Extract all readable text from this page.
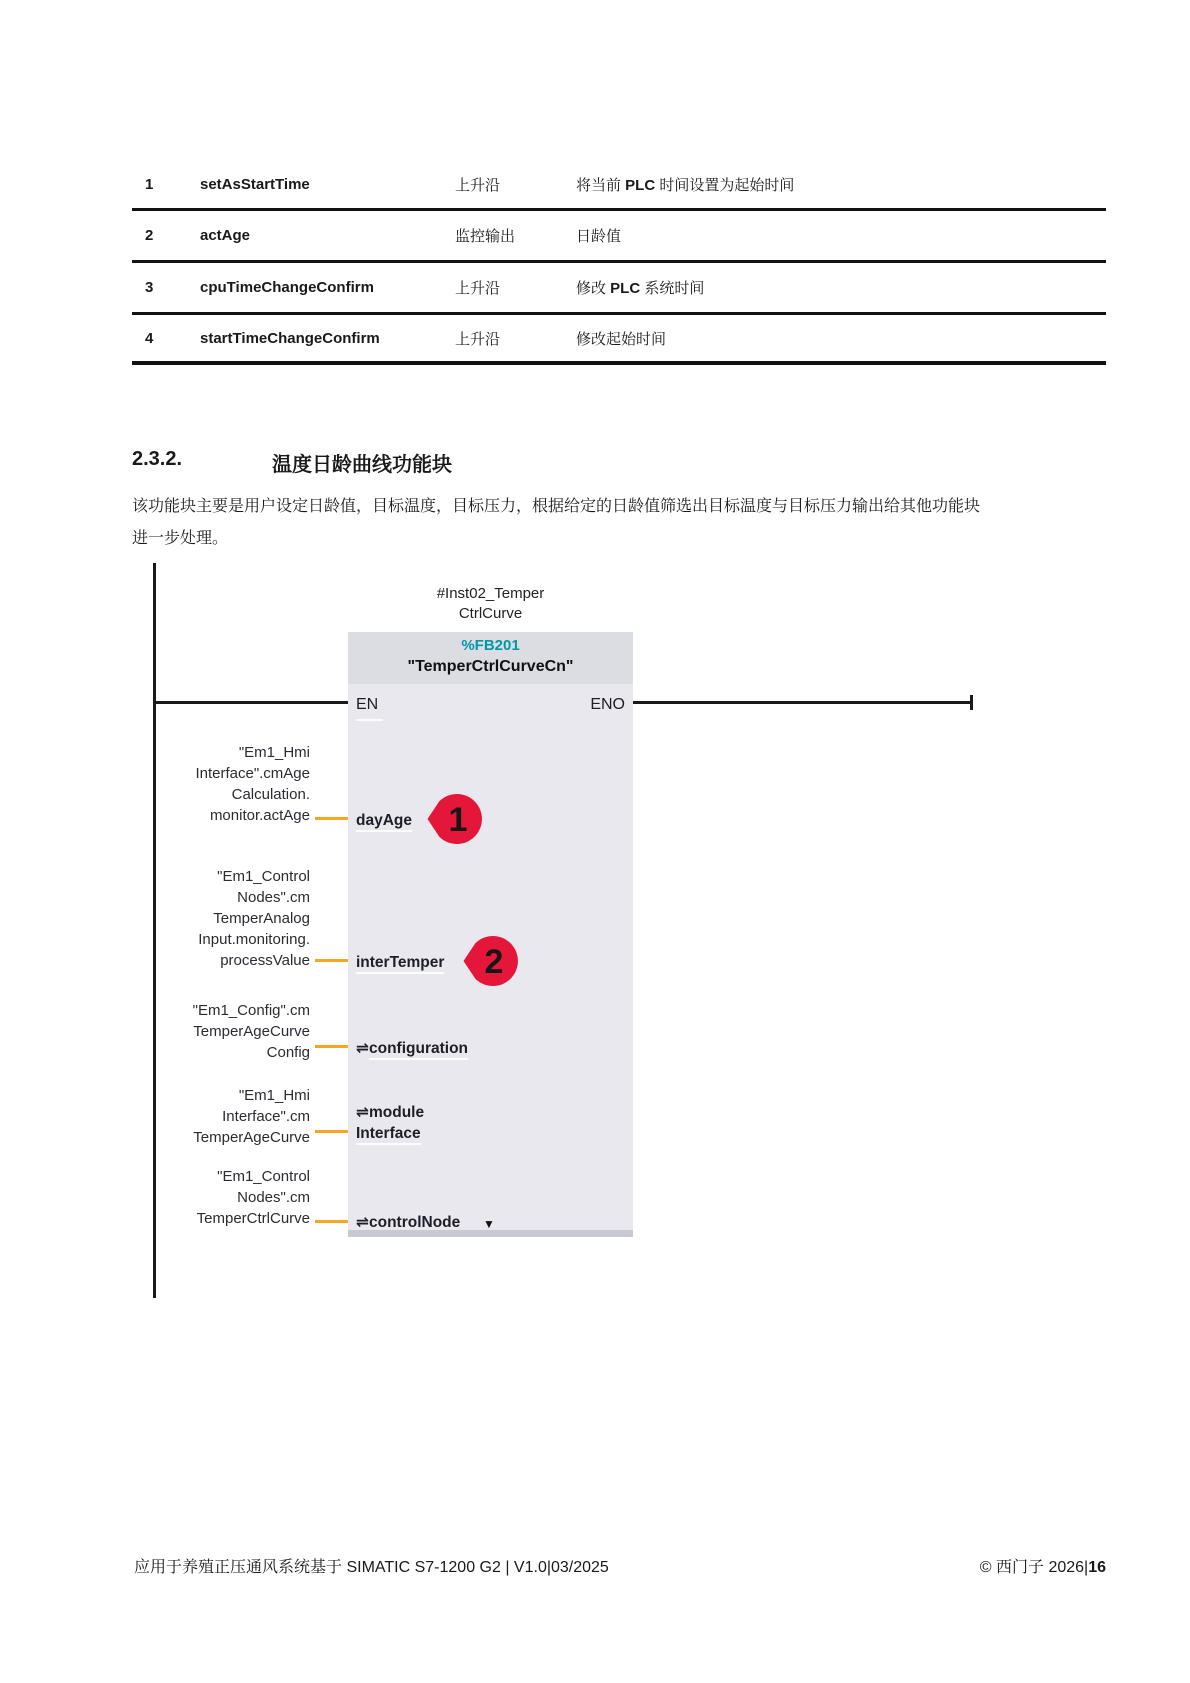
1	setAsStartTime	上升沿	将当前 PLC 时间设置为起始时间
2	actAge	监控输出	日龄值
3	cpuTimeChangeConfirm	上升沿	修改 PLC 系统时间
4	startTimeChangeConfirm	上升沿	修改起始时间
2.3.2.	温度日龄曲线功能块
该功能块主要是用户设定日龄值，目标温度，目标压力，根据给定的日龄值筛选出目标温度与目标压力输出给其他功能块
进一步处理。
#Inst02_Temper
CtrlCurve
%FB201
"TemperCtrlCurveCn"
EN	ENO
"Em1_Hmi
Interface".cmAge
Calculation.
monitor.actAge	dayAge 1
"Em1_Control
Nodes".cm
TemperAnalog
Input.monitoring.
processValue	interTemper 2
"Em1_Config".cm
TemperAgeCurve
Config	⇌configuration
"Em1_Hmi
Interface".cm
TemperAgeCurve
⇌module
Interface
"Em1_Control
Nodes".cm
TemperCtrlCurve	⇌controlNode ▼
应用于养殖正压通风系统基于 SIMATIC S7-1200 G2 | V1.0|03/2025	© 西门子 2026|16
